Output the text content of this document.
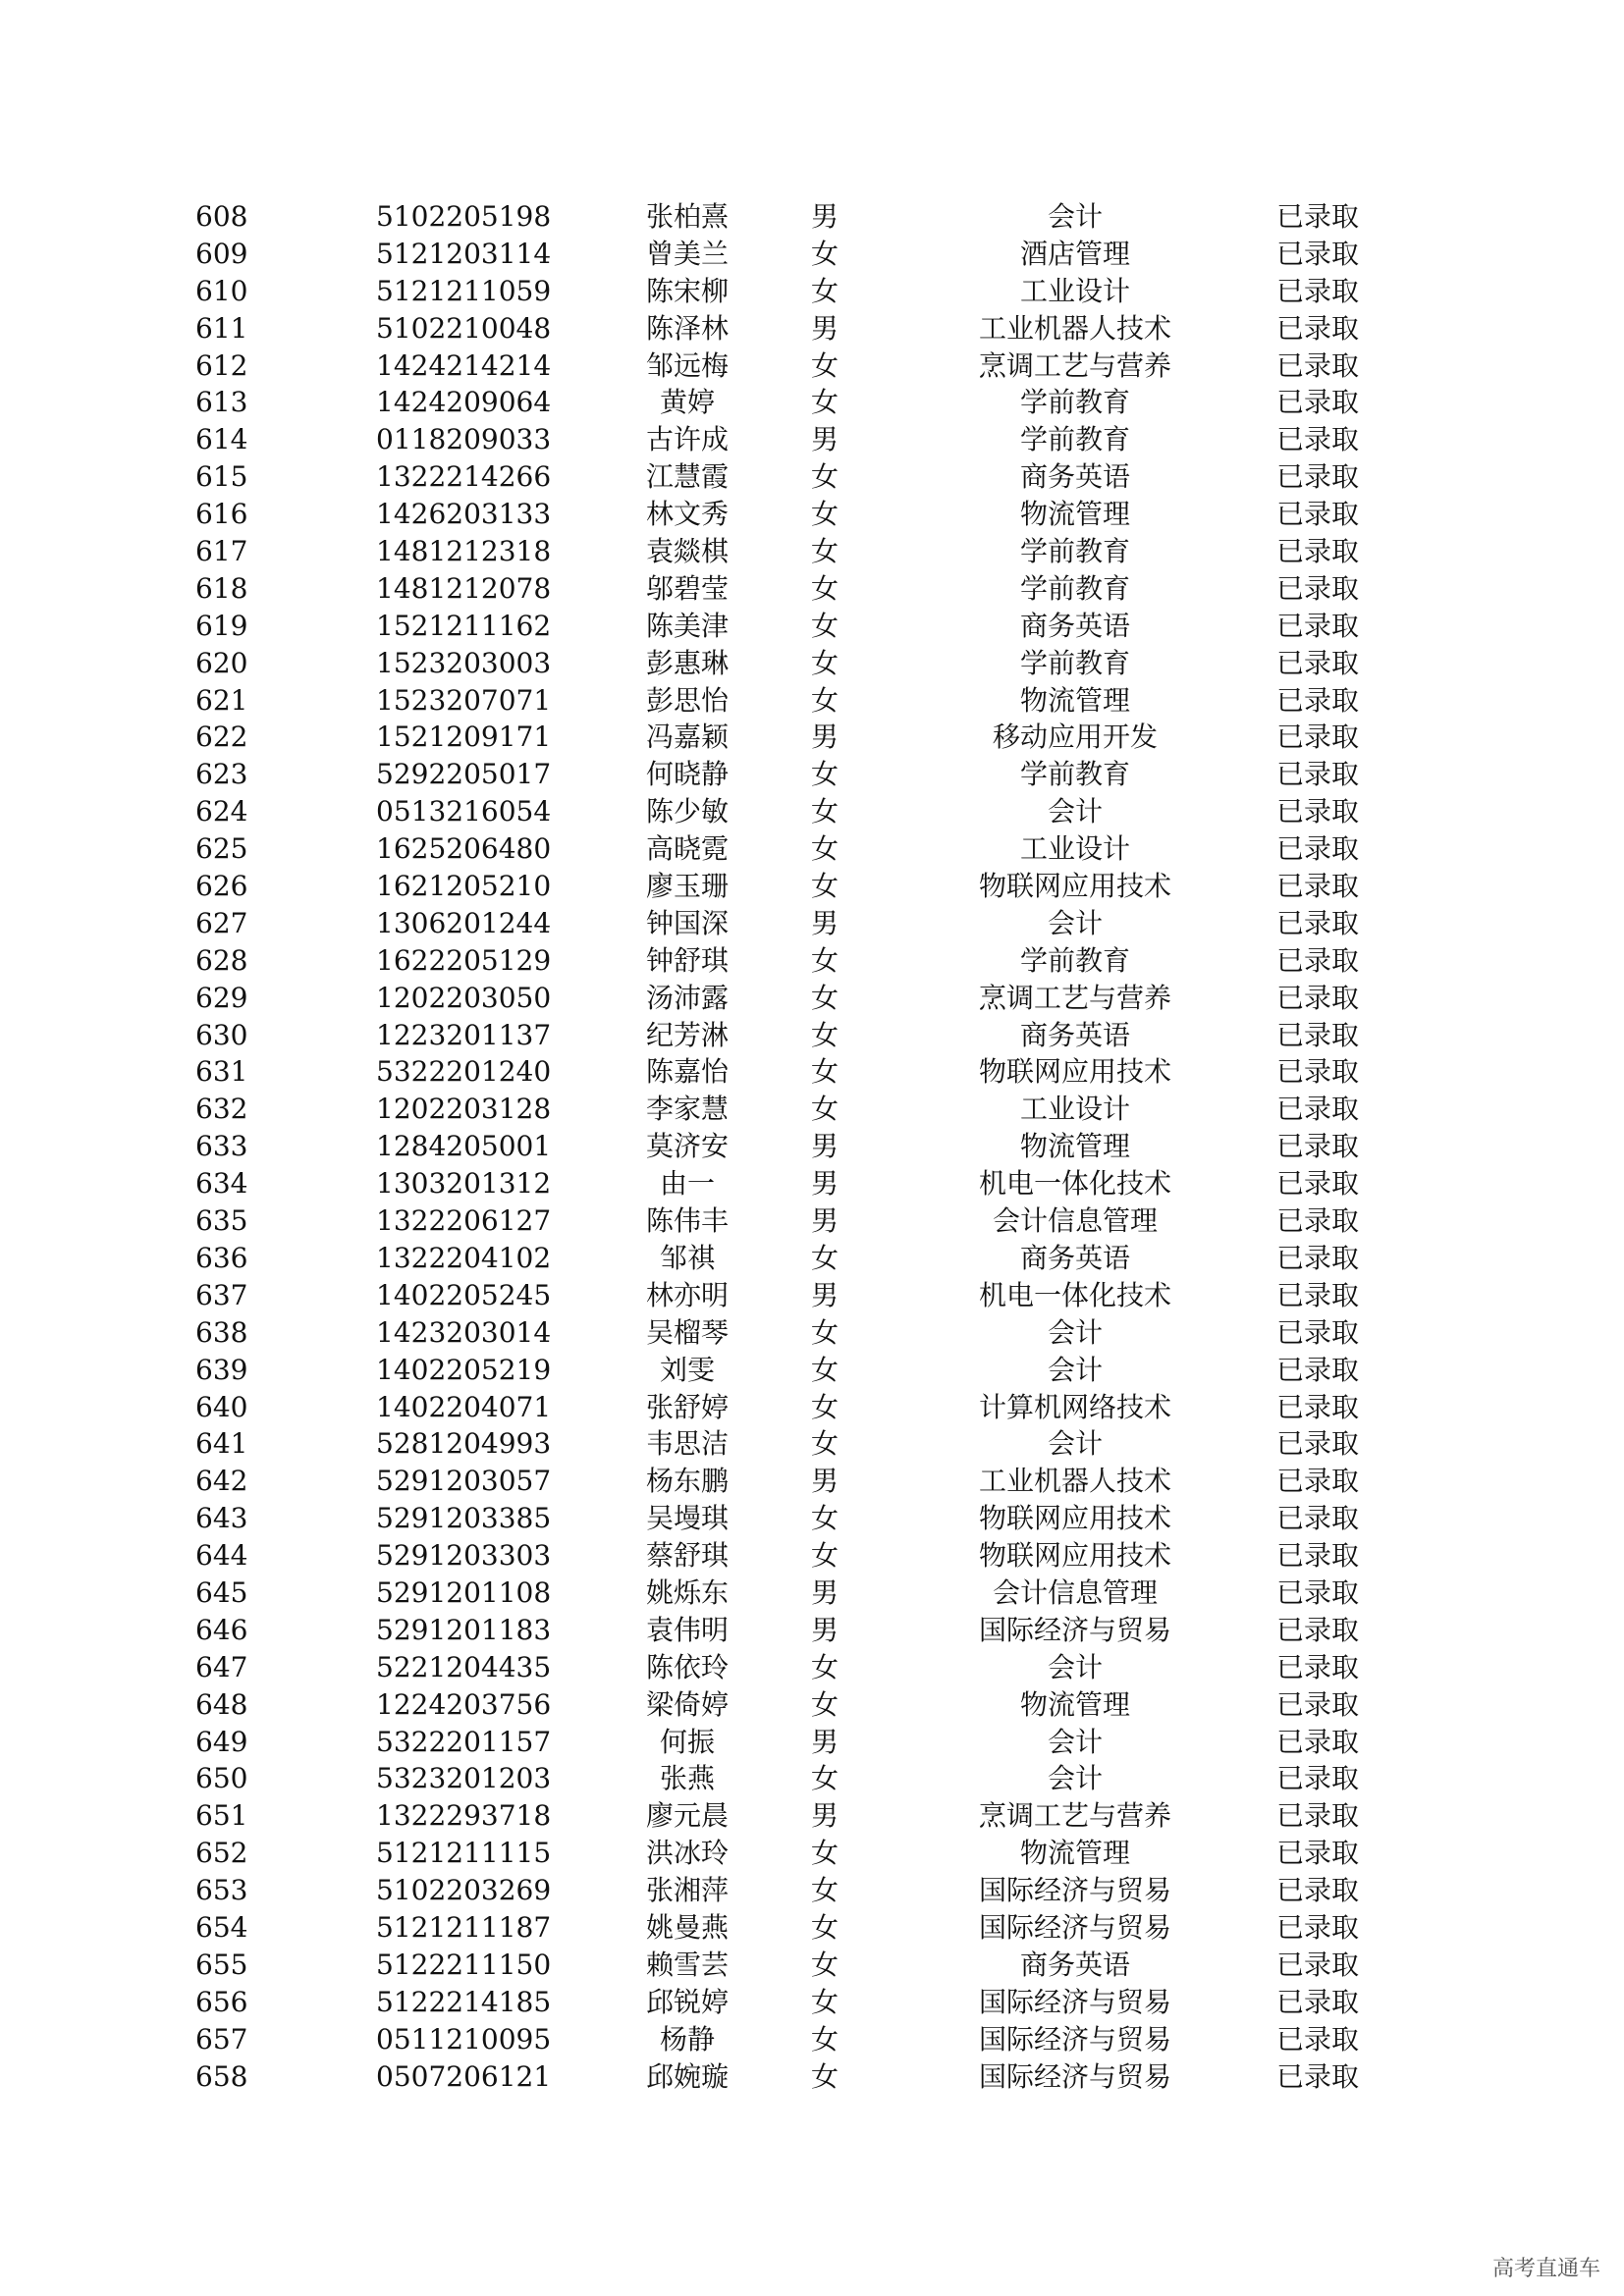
608	5102205198	张柏熹	男	会计	已录取
609	5121203114	曾美兰	女	酒店管理	已录取
610	5121211059	陈宋柳	女	工业设计	已录取
611	5102210048	陈泽林	男	工业机器人技术	已录取
612	1424214214	邹远梅	女	烹调工艺与营养	已录取
613	1424209064	黄婷	女	学前教育	已录取
614	0118209033	古许成	男	学前教育	已录取
615	1322214266	江慧霞	女	商务英语	已录取
616	1426203133	林文秀	女	物流管理	已录取
617	1481212318	袁燚棋	女	学前教育	已录取
618	1481212078	邬碧莹	女	学前教育	已录取
619	1521211162	陈美津	女	商务英语	已录取
620	1523203003	彭惠琳	女	学前教育	已录取
621	1523207071	彭思怡	女	物流管理	已录取
622	1521209171	冯嘉颖	男	移动应用开发	已录取
623	5292205017	何晓静	女	学前教育	已录取
624	0513216054	陈少敏	女	会计	已录取
625	1625206480	高晓霓	女	工业设计	已录取
626	1621205210	廖玉珊	女	物联网应用技术	已录取
627	1306201244	钟国深	男	会计	已录取
628	1622205129	钟舒琪	女	学前教育	已录取
629	1202203050	汤沛露	女	烹调工艺与营养	已录取
630	1223201137	纪芳淋	女	商务英语	已录取
631	5322201240	陈嘉怡	女	物联网应用技术	已录取
632	1202203128	李家慧	女	工业设计	已录取
633	1284205001	莫济安	男	物流管理	已录取
634	1303201312	由一	男	机电一体化技术	已录取
635	1322206127	陈伟丰	男	会计信息管理	已录取
636	1322204102	邹祺	女	商务英语	已录取
637	1402205245	林亦明	男	机电一体化技术	已录取
638	1423203014	吴榴琴	女	会计	已录取
639	1402205219	刘雯	女	会计	已录取
640	1402204071	张舒婷	女	计算机网络技术	已录取
641	5281204993	韦思洁	女	会计	已录取
642	5291203057	杨东鹏	男	工业机器人技术	已录取
643	5291203385	吴墁琪	女	物联网应用技术	已录取
644	5291203303	蔡舒琪	女	物联网应用技术	已录取
645	5291201108	姚烁东	男	会计信息管理	已录取
646	5291201183	袁伟明	男	国际经济与贸易	已录取
647	5221204435	陈依玲	女	会计	已录取
648	1224203756	梁倚婷	女	物流管理	已录取
649	5322201157	何振	男	会计	已录取
650	5323201203	张燕	女	会计	已录取
651	1322293718	廖元晨	男	烹调工艺与营养	已录取
652	5121211115	洪冰玲	女	物流管理	已录取
653	5102203269	张湘萍	女	国际经济与贸易	已录取
654	5121211187	姚曼燕	女	国际经济与贸易	已录取
655	5122211150	赖雪芸	女	商务英语	已录取
656	5122214185	邱锐婷	女	国际经济与贸易	已录取
657	0511210095	杨静	女	国际经济与贸易	已录取
658	0507206121	邱婉璇	女	国际经济与贸易	已录取
高考直通车
